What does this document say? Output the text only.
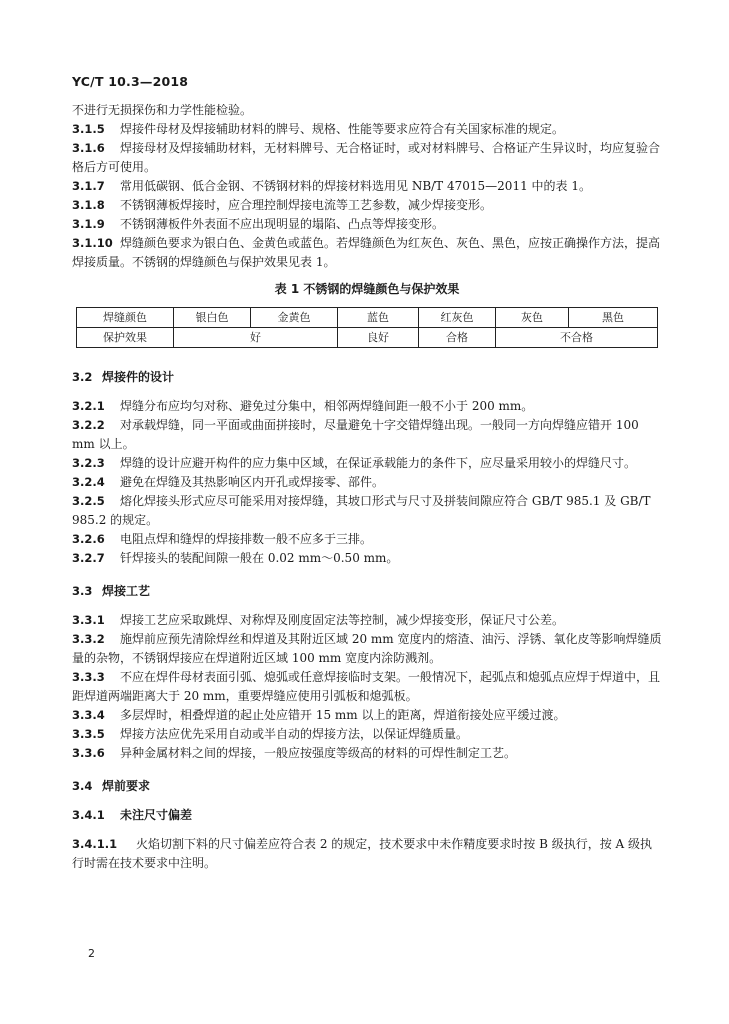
YC/T 10.3—2018

不进行无损探伤和力学性能检验。

3.1.5 焊接件母材及焊接辅助材料的牌号、规格、性能等要求应符合有关国家标准的规定。

3.1.6 焊接母材及焊接辅助材料，无材料牌号、无合格证时，或对材料牌号、合格证产生异议时，均应复验合格后方可使用。

3.1.7 常用低碳钢、低合金钢、不锈钢材料的焊接材料选用见 NB/T 47015—2011 中的表 1。

3.1.8 不锈钢薄板焊接时，应合理控制焊接电流等工艺参数，减少焊接变形。

3.1.9 不锈钢薄板件外表面不应出现明显的塌陷、凸点等焊接变形。

3.1.10 焊缝颜色要求为银白色、金黄色或蓝色。若焊缝颜色为红灰色、灰色、黑色，应按正确操作方法，提高焊接质量。不锈钢的焊缝颜色与保护效果见表 1。

表 1 不锈钢的焊缝颜色与保护效果
焊缝颜色	银白色	金黄色	蓝色	红灰色	灰色	黑色
保护效果	好		良好	合格	不合格	

3.2 焊接件的设计

3.2.1 焊缝分布应均匀对称、避免过分集中，相邻两焊缝间距一般不小于 200 mm。

3.2.2 对承载焊缝，同一平面或曲面拼接时，尽量避免十字交错焊缝出现。一般同一方向焊缝应错开 100 mm 以上。

3.2.3 焊缝的设计应避开构件的应力集中区域，在保证承载能力的条件下，应尽量采用较小的焊缝尺寸。

3.2.4 避免在焊缝及其热影响区内开孔或焊接零、部件。

3.2.5 熔化焊接头形式应尽可能采用对接焊缝，其坡口形式与尺寸及拼装间隙应符合 GB/T 985.1 及 GB/T 985.2 的规定。

3.2.6 电阻点焊和缝焊的焊接排数一般不应多于三排。

3.2.7 钎焊接头的装配间隙一般在 0.02 mm～0.50 mm。

3.3 焊接工艺

3.3.1 焊接工艺应采取跳焊、对称焊及刚度固定法等控制，减少焊接变形，保证尺寸公差。

3.3.2 施焊前应预先清除焊丝和焊道及其附近区域 20 mm 宽度内的熔渣、油污、浮锈、氧化皮等影响焊缝质量的杂物，不锈钢焊接应在焊道附近区域 100 mm 宽度内涂防溅剂。

3.3.3 不应在焊件母材表面引弧、熄弧或任意焊接临时支架。一般情况下，起弧点和熄弧点应焊于焊道中，且距焊道两端距离大于 20 mm，重要焊缝应使用引弧板和熄弧板。

3.3.4 多层焊时，相叠焊道的起止处应错开 15 mm 以上的距离，焊道衔接处应平缓过渡。

3.3.5 焊接方法应优先采用自动或半自动的焊接方法，以保证焊缝质量。

3.3.6 异种金属材料之间的焊接，一般应按强度等级高的材料的可焊性制定工艺。

3.4 焊前要求

3.4.1 未注尺寸偏差

3.4.1.1 火焰切割下料的尺寸偏差应符合表 2 的规定，技术要求中未作精度要求时按 B 级执行，按 A 级执行时需在技术要求中注明。

2
